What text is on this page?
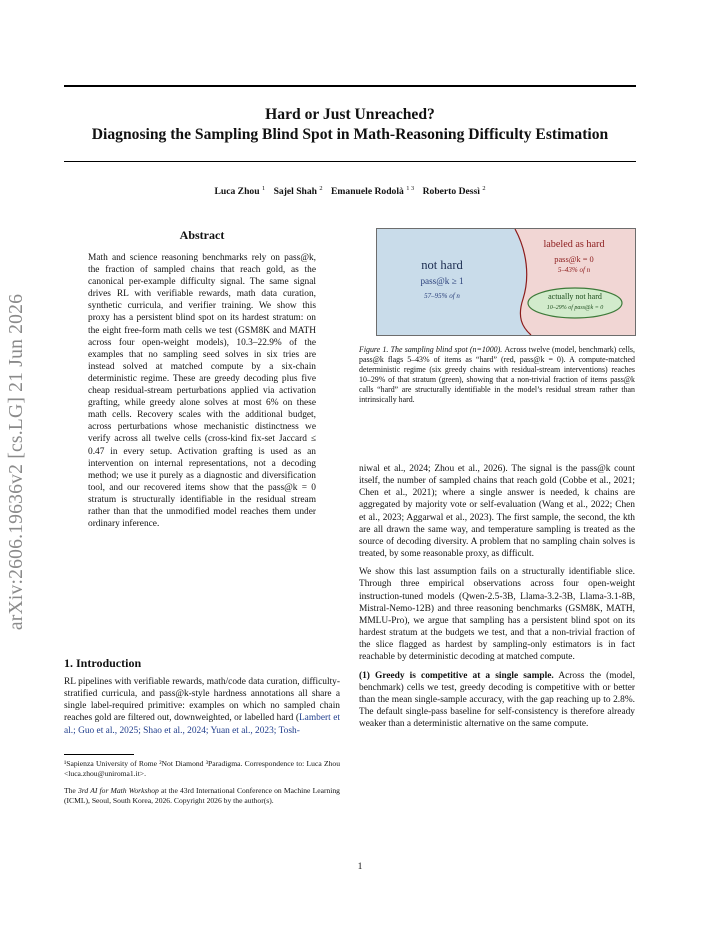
Hard or Just Unreached?
Diagnosing the Sampling Blind Spot in Math-Reasoning Difficulty Estimation
Luca Zhou $^1$ Sajel Shah $^2$ Emanuele Rodolà $^{1 3}$ Roberto Dessì $^2$
arXiv:2606.19636v2 [cs.LG] 21 Jun 2026
Abstract
Math and science reasoning benchmarks rely on pass@k, the fraction of sampled chains that reach gold, as the canonical per-example difficulty signal. The same signal drives RL with verifiable rewards, math data curation, synthetic curricula, and verifier training. We show this proxy has a persistent blind spot on its hardest stratum: on the eight free-form math cells we test (GSM8K and MATH across four open-weight models), 10.3–22.9% of the examples that no sampling seed solves in six tries are instead solved at matched compute by a six-chain deterministic regime. These are greedy decoding plus five cheap residual-stream perturbations applied via activation grafting, while greedy alone solves at most 6% on these math cells. Recovery scales with the additional budget, across perturbations whose mechanistic distinctness we verify across all twelve cells (cross-kind fix-set Jaccard ≤ 0.47 in every setup. Activation grafting is used as an intervention on internal representations, not a decoding method; we use it purely as a diagnostic and diversification tool, and our recovered items show that the pass@k = 0 stratum is structurally identifiable in the residual stream rather than that the unmodified model reaches them under ordinary inference.
1. Introduction
RL pipelines with verifiable rewards, math/code data curation, difficulty-stratified curricula, and pass@k-style hardness annotations all share a single label-required primitive: examples on which no sampled chain reaches gold are filtered out, downweighted, or labelled hard (Lambert et al.; Guo et al., 2025; Shao et al., 2024; Yuan et al., 2023; Tosh-
¹Sapienza University of Rome ²Not Diamond ³Paradigma. Correspondence to: Luca Zhou <luca.zhou@uniroma1.it>.
The 3rd AI for Math Workshop at the 43rd International Conference on Machine Learning (ICML), Seoul, South Korea, 2026. Copyright 2026 by the author(s).
not hard
pass@k ≥ 1
57–95% of n
labeled as hard
pass@k = 0
5–43% of n
actually not hard
10–29% of pass@k = 0
Figure 1. The sampling blind spot (n=1000). Across twelve (model, benchmark) cells, pass@k flags 5–43% of items as “hard” (red, pass@k = 0). A compute-matched deterministic regime (six greedy chains with residual-stream interventions) reaches 10–29% of that stratum (green), showing that a non-trivial fraction of items pass@k calls “hard” are structurally identifiable in the model’s residual stream rather than intrinsically hard.

niwal et al., 2024; Zhou et al., 2026). The signal is the pass@k count itself, the number of sampled chains that reach gold (Cobbe et al., 2021; Chen et al., 2021); where a single answer is needed, k chains are aggregated by majority vote or self-evaluation (Wang et al., 2022; Chen et al., 2023; Aggarwal et al., 2023). The first sample, the second, the kth are all drawn the same way, and temperature sampling is treated as the source of decoding diversity. A problem that no sampling chain solves is treated, by some reasonable proxy, as difficult.

We show this last assumption fails on a structurally identifiable slice. Through three empirical observations across four open-weight instruction-tuned models (Qwen-2.5-3B, Llama-3.2-3B, Llama-3.1-8B, Mistral-Nemo-12B) and three reasoning benchmarks (GSM8K, MATH, MMLU-Pro), we argue that sampling has a persistent blind spot on its hardest stratum at the budgets we test, and that a non-trivial fraction of the slice flagged as hardest by sampling-only estimators is in fact reachable by deterministic decoding at matched compute.

(1) Greedy is competitive at a single sample. Across the (model, benchmark) cells we test, greedy decoding is competitive with or better than the mean single-sample accuracy, with the gap reaching up to 2.8%. The default single-pass baseline for self-consistency is therefore already weaker than a deterministic alternative on the same compute.

1
